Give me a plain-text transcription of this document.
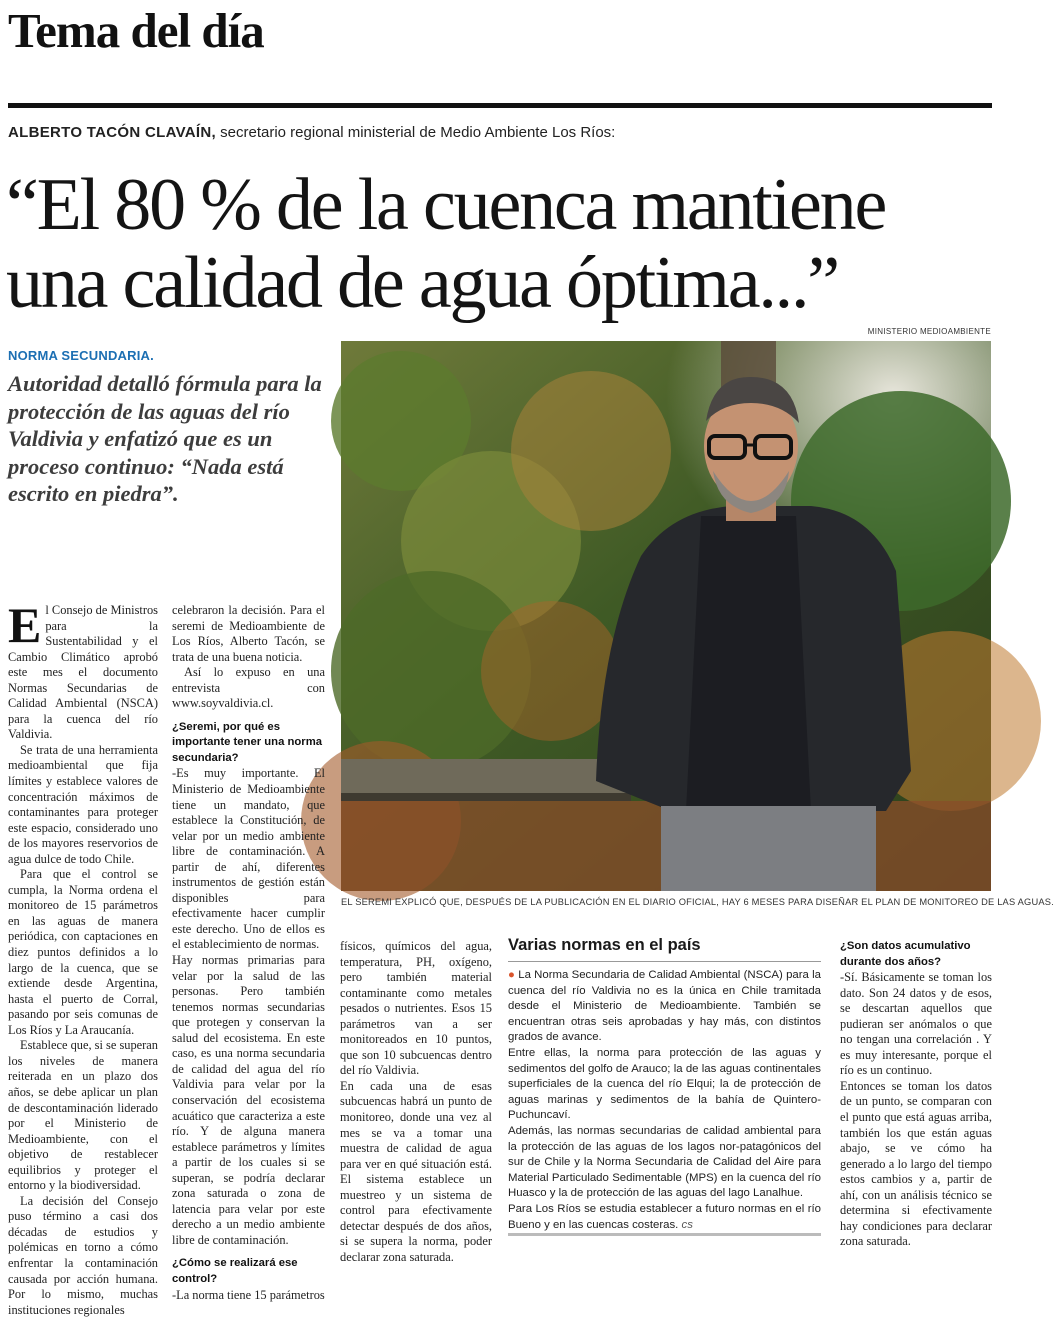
Tema del día
ALBERTO TACÓN CLAVAÍN, secretario regional ministerial de Medio Ambiente Los Ríos:
“El 80 % de la cuenca mantiene una calidad de agua óptima...”
MINISTERIO MEDIOAMBIENTE
NORMA SECUNDARIA.
Autoridad detalló fórmula para la protección de las aguas del río Valdivia y enfatizó que es un proceso continuo: “Nada está escrito en piedra”.
EL SEREMI EXPLICÓ QUE, DESPUÉS DE LA PUBLICACIÓN EN EL DIARIO OFICIAL, HAY 6 MESES PARA DISEÑAR EL PLAN DE MONITOREO DE LAS AGUAS.

El Consejo de Ministros para la Sustentabilidad y el Cambio Climático aprobó este mes el documento Normas Secundarias de Calidad Ambiental (NSCA) para la cuenca del río Valdivia.

Se trata de una herramienta medioambiental que fija límites y establece valores de concentración máximos de contaminantes para proteger este espacio, considerado uno de los mayores reservorios de agua dulce de todo Chile.

Para que el control se cumpla, la Norma ordena el monitoreo de 15 parámetros en las aguas de manera periódica, con captaciones en diez puntos definidos a lo largo de la cuenca, que se extiende desde Argentina, hasta el puerto de Corral, pasando por seis comunas de Los Ríos y La Araucanía.

Establece que, si se superan los niveles de manera reiterada en un plazo dos años, se debe aplicar un plan de descontaminación liderado por el Ministerio de Medioambiente, con el objetivo de restablecer equilibrios y proteger el entorno y la biodiversidad.

La decisión del Consejo puso término a casi dos décadas de estudios y polémicas en torno a cómo enfrentar la contaminación causada por acción humana. Por lo mismo, muchas instituciones regionales

celebraron la decisión. Para el seremi de Medioambiente de Los Ríos, Alberto Tacón, se trata de una buena noticia.

Así lo expuso en una entrevista con www.soyvaldivia.cl.

¿Seremi, por qué es importante tener una norma secundaria?

-Es muy importante. El Ministerio de Medioambiente tiene un mandato, que establece la Constitución, de velar por un medio ambiente libre de contaminación. A partir de ahí, diferentes instrumentos de gestión están disponibles para efectivamente hacer cumplir este derecho. Uno de ellos es el establecimiento de normas.

Hay normas primarias para velar por la salud de las personas. Pero también tenemos normas secundarias que protegen y conservan la salud del ecosistema. En este caso, es una norma secundaria de calidad del agua del río Valdivia para velar por la conservación del ecosistema acuático que caracteriza a este río. Y de alguna manera establece parámetros y límites a partir de los cuales si se superan, se podría declarar zona saturada o zona de latencia para velar por este derecho a un medio ambiente libre de contaminación.

¿Cómo se realizará ese control?

-La norma tiene 15 parámetros

físicos, químicos del agua, temperatura, PH, oxígeno, pero también material contaminante como metales pesados o nutrientes. Esos 15 parámetros van a ser monitoreados en 10 puntos, que son 10 subcuencas dentro del río Valdivia.

En cada una de esas subcuencas habrá un punto de monitoreo, donde una vez al mes se va a tomar una muestra de calidad de agua para ver en qué situación está. El sistema establece un muestreo y un sistema de control para efectivamente detectar después de dos años, si se supera la norma, poder declarar zona saturada.

Varias normas en el país

● La Norma Secundaria de Calidad Ambiental (NSCA) para la cuenca del río Valdivia no es la única en Chile tramitada desde el Ministerio de Medioambiente. También se encuentran otras seis aprobadas y hay más, con distintos grados de avance.

Entre ellas, la norma para protección de las aguas y sedimentos del golfo de Arauco; la de las aguas continentales superficiales de la cuenca del río Elqui; la de protección de aguas marinas y sedimentos de la bahía de Quintero-Puchuncaví.

Además, las normas secundarias de calidad ambiental para la protección de las aguas de los lagos nor-patagónicos del sur de Chile y la Norma Secundaria de Calidad del Aire para Material Particulado Sedimentable (MPS) en la cuenca del río Huasco y la de protección de las aguas del lago Lanalhue.

Para Los Ríos se estudia establecer a futuro normas en el río Bueno y en las cuencas costeras. cs

¿Son datos acumulativo durante dos años?

-Sí. Básicamente se toman los dato. Son 24 datos y de esos, se descartan aquellos que pudieran ser anómalos o que no tengan una correlación . Y es muy interesante, porque el río es un continuo.

Entonces se toman los datos de un punto, se comparan con el punto que está aguas arriba, también los que están aguas abajo, se ve cómo ha generado a lo largo del tiempo estos cambios y a, partir de ahí, con un análisis técnico se determina si efectivamente hay condiciones para declarar zona saturada.
